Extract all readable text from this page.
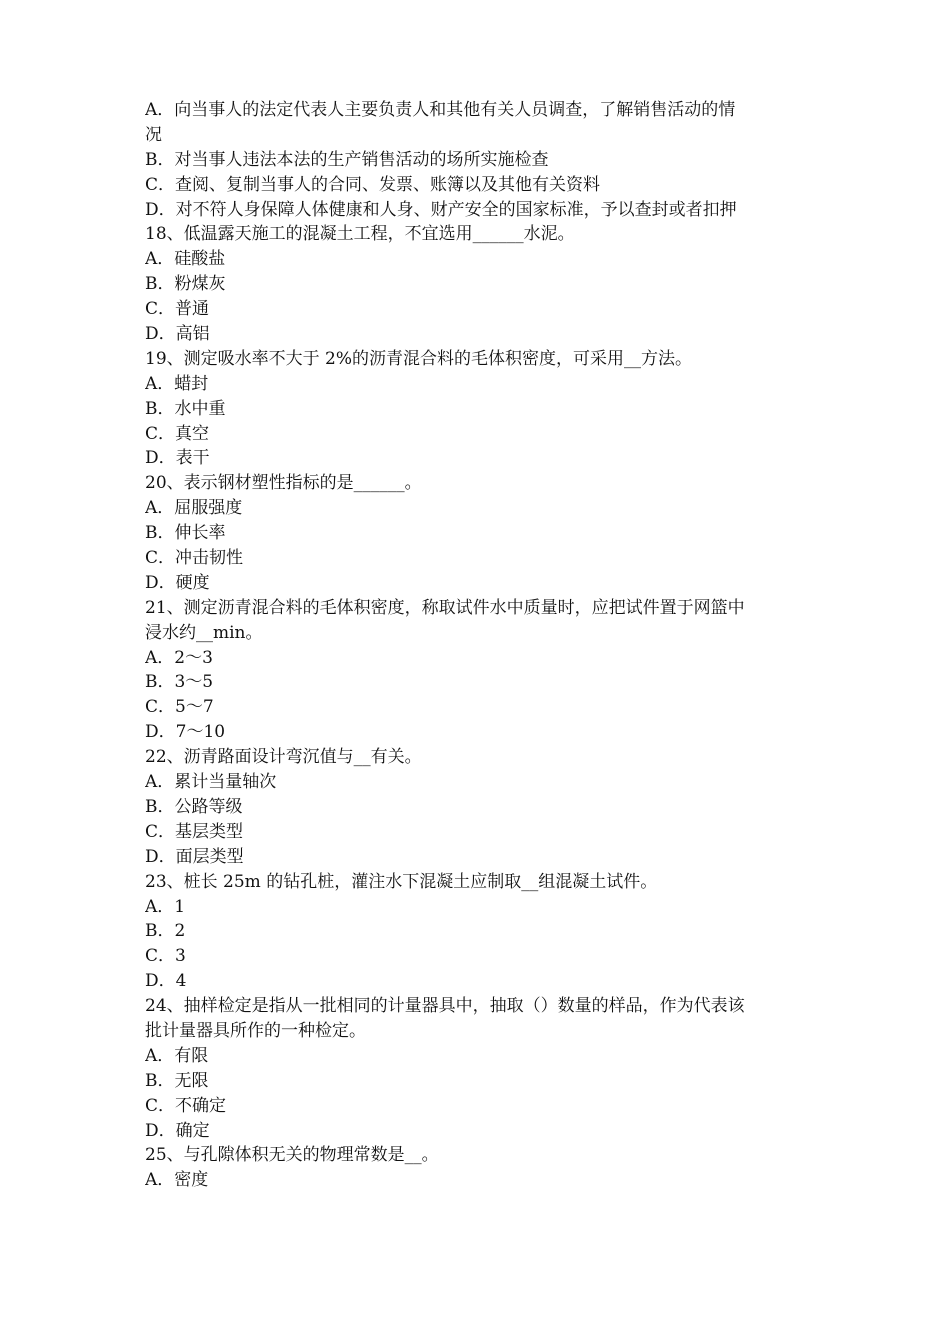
A．向当事人的法定代表人主要负责人和其他有关人员调查，了解销售活动的情

况

B．对当事人违法本法的生产销售活动的场所实施检查

C．查阅、复制当事人的合同、发票、账簿以及其他有关资料

D．对不符人身保障人体健康和人身、财产安全的国家标准，予以查封或者扣押

18、低温露天施工的混凝土工程，不宜选用______水泥。

A．硅酸盐

B．粉煤灰

C．普通

D．高铝

19、测定吸水率不大于 2%的沥青混合料的毛体积密度，可采用__方法。

A．蜡封

B．水中重

C．真空

D．表干

20、表示钢材塑性指标的是______。

A．屈服强度

B．伸长率

C．冲击韧性

D．硬度

21、测定沥青混合料的毛体积密度，称取试件水中质量时，应把试件置于网篮中

浸水约__min。

A．2～3

B．3～5

C．5～7

D．7～10

22、沥青路面设计弯沉值与__有关。

A．累计当量轴次

B．公路等级

C．基层类型

D．面层类型

23、桩长 25m 的钻孔桩，灌注水下混凝土应制取__组混凝土试件。

A．1

B．2

C．3

D．4

24、抽样检定是指从一批相同的计量器具中，抽取（）数量的样品，作为代表该

批计量器具所作的一种检定。

A．有限

B．无限

C．不确定

D．确定

25、与孔隙体积无关的物理常数是__。

A．密度
